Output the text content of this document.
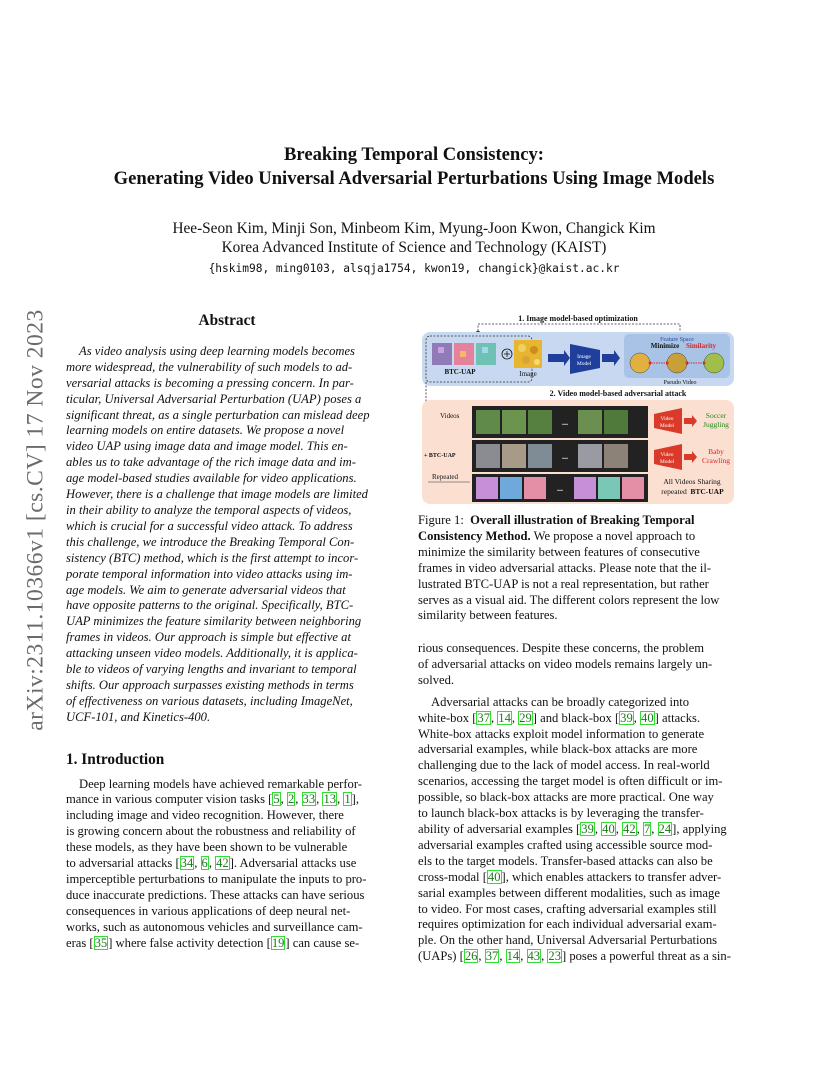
arXiv:2311.10366v1 [cs.CV] 17 Nov 2023
Breaking Temporal Consistency:
Generating Video Universal Adversarial Perturbations Using Image Models
Hee-Seon Kim, Minji Son, Minbeom Kim, Myung-Joon Kwon, Changick Kim
Korea Advanced Institute of Science and Technology (KAIST)
{hskim98, ming0103, alsqja1754, kwon19, changick}@kaist.ac.kr
Abstract

As video analysis using deep learning models becomes

more widespread, the vulnerability of such models to ad-

versarial attacks is becoming a pressing concern. In par-

ticular, Universal Adversarial Perturbation (UAP) poses a

significant threat, as a single perturbation can mislead deep

learning models on entire datasets. We propose a novel

video UAP using image data and image model. This en-

ables us to take advantage of the rich image data and im-

age model-based studies available for video applications.

However, there is a challenge that image models are limited

in their ability to analyze the temporal aspects of videos,

which is crucial for a successful video attack. To address

this challenge, we introduce the Breaking Temporal Con-

sistency (BTC) method, which is the first attempt to incor-

porate temporal information into video attacks using im-

age models. We aim to generate adversarial videos that

have opposite patterns to the original. Specifically, BTC-

UAP minimizes the feature similarity between neighboring

frames in videos. Our approach is simple but effective at

attacking unseen video models. Additionally, it is applica-

ble to videos of varying lengths and invariant to temporal

shifts. Our approach surpasses existing methods in terms

of effectiveness on various datasets, including ImageNet,

UCF-101, and Kinetics-400.

1. Introduction

Deep learning models have achieved remarkable perfor-

mance in various computer vision tasks [5, 2, 33, 13, 1],

including image and video recognition. However, there

is growing concern about the robustness and reliability of

these models, as they have been shown to be vulnerable

to adversarial attacks [34, 6, 42]. Adversarial attacks use

imperceptible perturbations to manipulate the inputs to pro-

duce inaccurate predictions. These attacks can have serious

consequences in various applications of deep neural net-

works, such as autonomous vehicles and surveillance cam-

eras [35] where false activity detection [19] can cause se-

1. Image model-based optimization
BTC-UAP	Image
Image
Model
Feature Space
Minimize Similarity
Pseudo Video
2. Video model-based adversarial attack
Videos
+ BTC-UAP
Repeated
...
...
...
Video
Model
Video
Model
Soccer
Juggling
Baby
Crawling
All Videos Sharing
repeated BTC-UAP

Figure 1: Overall illustration of Breaking Temporal

Consistency Method. We propose a novel approach to

minimize the similarity between features of consecutive

frames in video adversarial attacks. Please note that the il-

lustrated BTC-UAP is not a real representation, but rather

serves as a visual aid. The different colors represent the low

similarity between features.

rious consequences. Despite these concerns, the problem

of adversarial attacks on video models remains largely un-

solved.

Adversarial attacks can be broadly categorized into

white-box [37, 14, 29] and black-box [39, 40] attacks.

White-box attacks exploit model information to generate

adversarial examples, while black-box attacks are more

challenging due to the lack of model access. In real-world

scenarios, accessing the target model is often difficult or im-

possible, so black-box attacks are more practical. One way

to launch black-box attacks is by leveraging the transfer-

ability of adversarial examples [39, 40, 42, 7, 24], applying

adversarial examples crafted using accessible source mod-

els to the target models. Transfer-based attacks can also be

cross-modal [40], which enables attackers to transfer adver-

sarial examples between different modalities, such as image

to video. For most cases, crafting adversarial examples still

requires optimization for each individual adversarial exam-

ple. On the other hand, Universal Adversarial Perturbations

(UAPs) [26, 37, 14, 43, 23] poses a powerful threat as a sin-
